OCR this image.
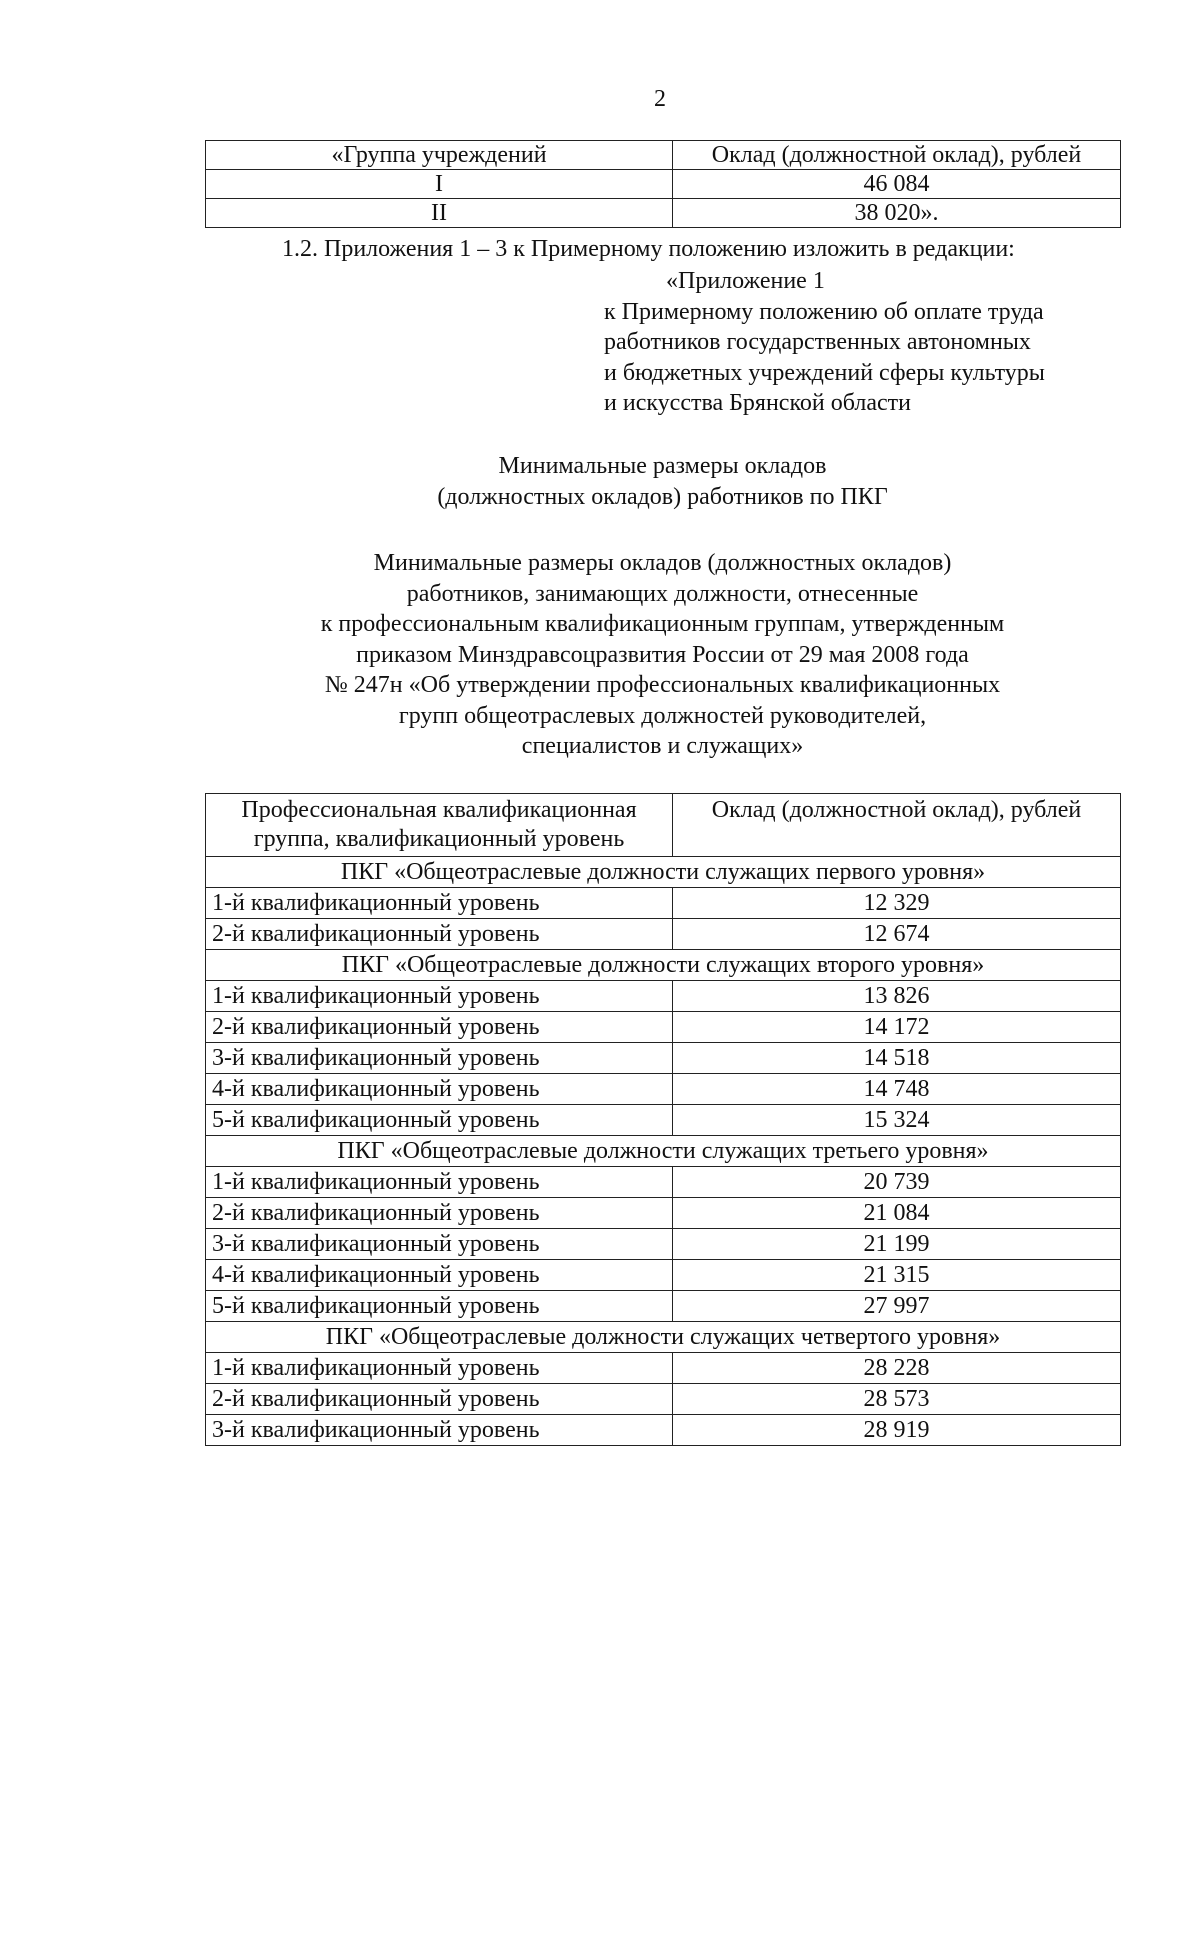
2
«Группа учреждений	Оклад (должностной оклад), рублей
I	46 084
II	38 020».
1.2. Приложения 1 – 3 к Примерному положению изложить в редакции:
«Приложение 1
к Примерному положению об оплате труда
работников государственных автономных
и бюджетных учреждений сферы культуры
и искусства Брянской области
Минимальные размеры окладов
(должностных окладов) работников по ПКГ
Минимальные размеры окладов (должностных окладов)
работников, занимающих должности, отнесенные
к профессиональным квалификационным группам, утвержденным
приказом Минздравсоцразвития России от 29 мая 2008 года
№ 247н «Об утверждении профессиональных квалификационных
групп общеотраслевых должностей руководителей,
специалистов и служащих»
Профессиональная квалификационная группа, квалификационный уровень	Оклад (должностной оклад), рублей
ПКГ «Общеотраслевые должности служащих первого уровня»	
1-й квалификационный уровень	12 329
2-й квалификационный уровень	12 674
ПКГ «Общеотраслевые должности служащих второго уровня»	
1-й квалификационный уровень	13 826
2-й квалификационный уровень	14 172
3-й квалификационный уровень	14 518
4-й квалификационный уровень	14 748
5-й квалификационный уровень	15 324
ПКГ «Общеотраслевые должности служащих третьего уровня»	
1-й квалификационный уровень	20 739
2-й квалификационный уровень	21 084
3-й квалификационный уровень	21 199
4-й квалификационный уровень	21 315
5-й квалификационный уровень	27 997
ПКГ «Общеотраслевые должности служащих четвертого уровня»	
1-й квалификационный уровень	28 228
2-й квалификационный уровень	28 573
3-й квалификационный уровень	28 919
